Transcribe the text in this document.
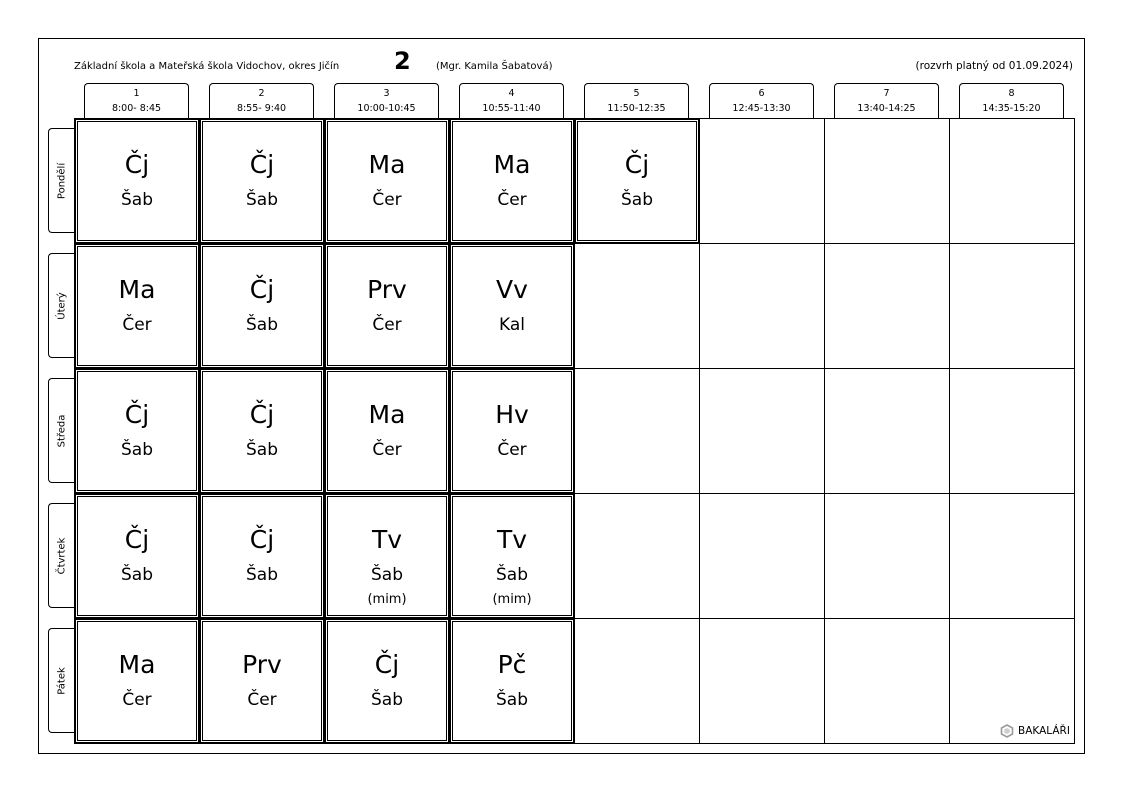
Základní škola a Mateřská škola Vidochov, okres Jičín 2	(Mgr. Kamila Šabatová)	(rozvrh platný od 01.09.2024)
1
8:00- 8:45
2
8:55- 9:40
3
10:00-10:45
4
10:55-11:40
5
11:50-12:35
6
12:45-13:30
7
13:40-14:25
8
14:35-15:20
Pondělí
Úterý
Středa
Čtvrtek
Pátek
Čj
Šab
Čj
Šab
Ma
Čer
Ma
Čer
Čj
Šab
Ma
Čer
Čj
Šab
Prv
Čer
Vv
Kal
Čj
Šab
Čj
Šab
Ma
Čer
Hv
Čer
Čj
Šab
Čj
Šab
Tv
Šab
(mim)
Tv
Šab
(mim)
Ma
Čer
Prv
Čer
Čj
Šab
Pč
Šab
BAKALÁŘI
